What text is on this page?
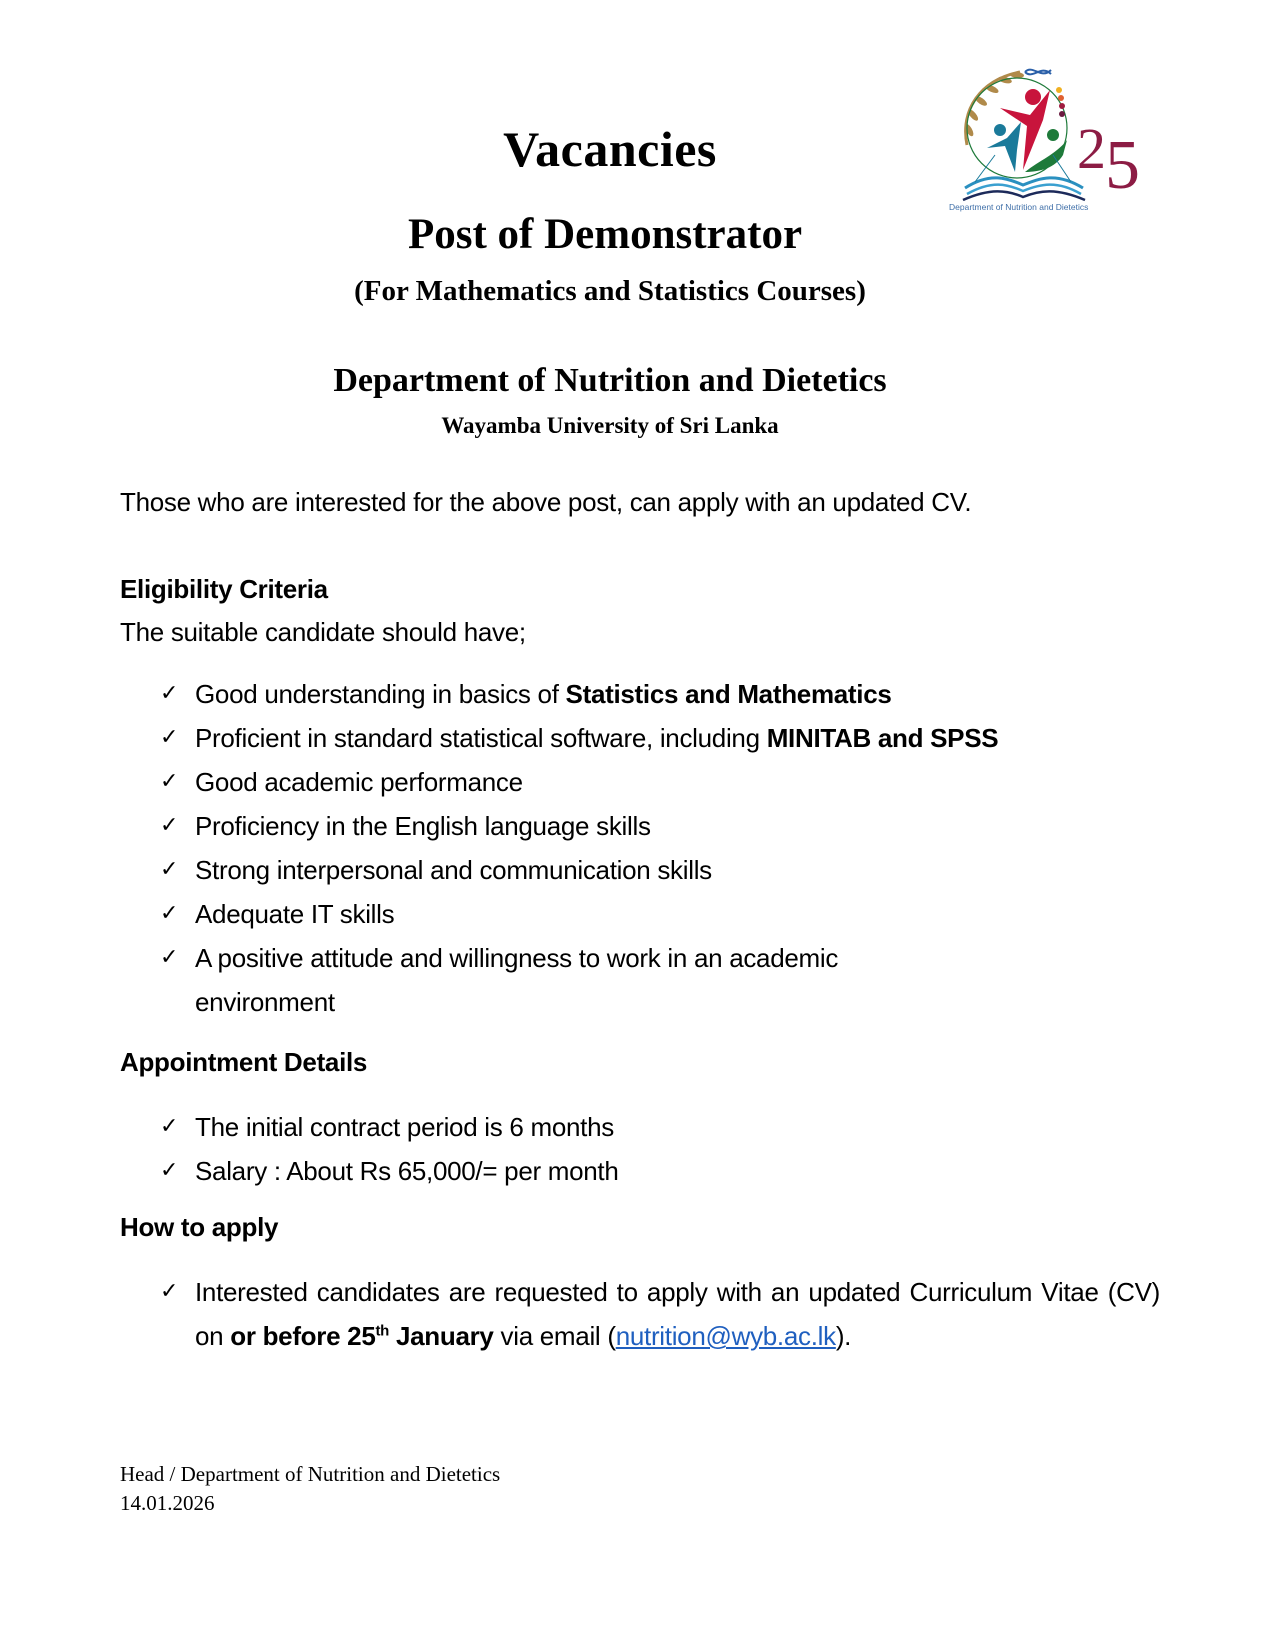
2 5
Department of Nutrition and Dietetics
Vacancies
Post of Demonstrator
(For Mathematics and Statistics Courses)
Department of Nutrition and Dietetics
Wayamba University of Sri Lanka
Those who are interested for the above post, can apply with an updated CV.
Eligibility Criteria
The suitable candidate should have;
✓ Good understanding in basics of Statistics and Mathematics
✓ Proficient in standard statistical software, including MINITAB and SPSS
✓ Good academic performance
✓ Proficiency in the English language skills
✓ Strong interpersonal and communication skills
✓ Adequate IT skills
✓ A positive attitude and willingness to work in an academic environment
Appointment Details
✓ The initial contract period is 6 months
✓ Salary : About Rs 65,000/= per month
How to apply
✓ Interested candidates are requested to apply with an updated Curriculum Vitae (CV) on or before 25th January via email (nutrition@wyb.ac.lk).
Head / Department of Nutrition and Dietetics
14.01.2026
